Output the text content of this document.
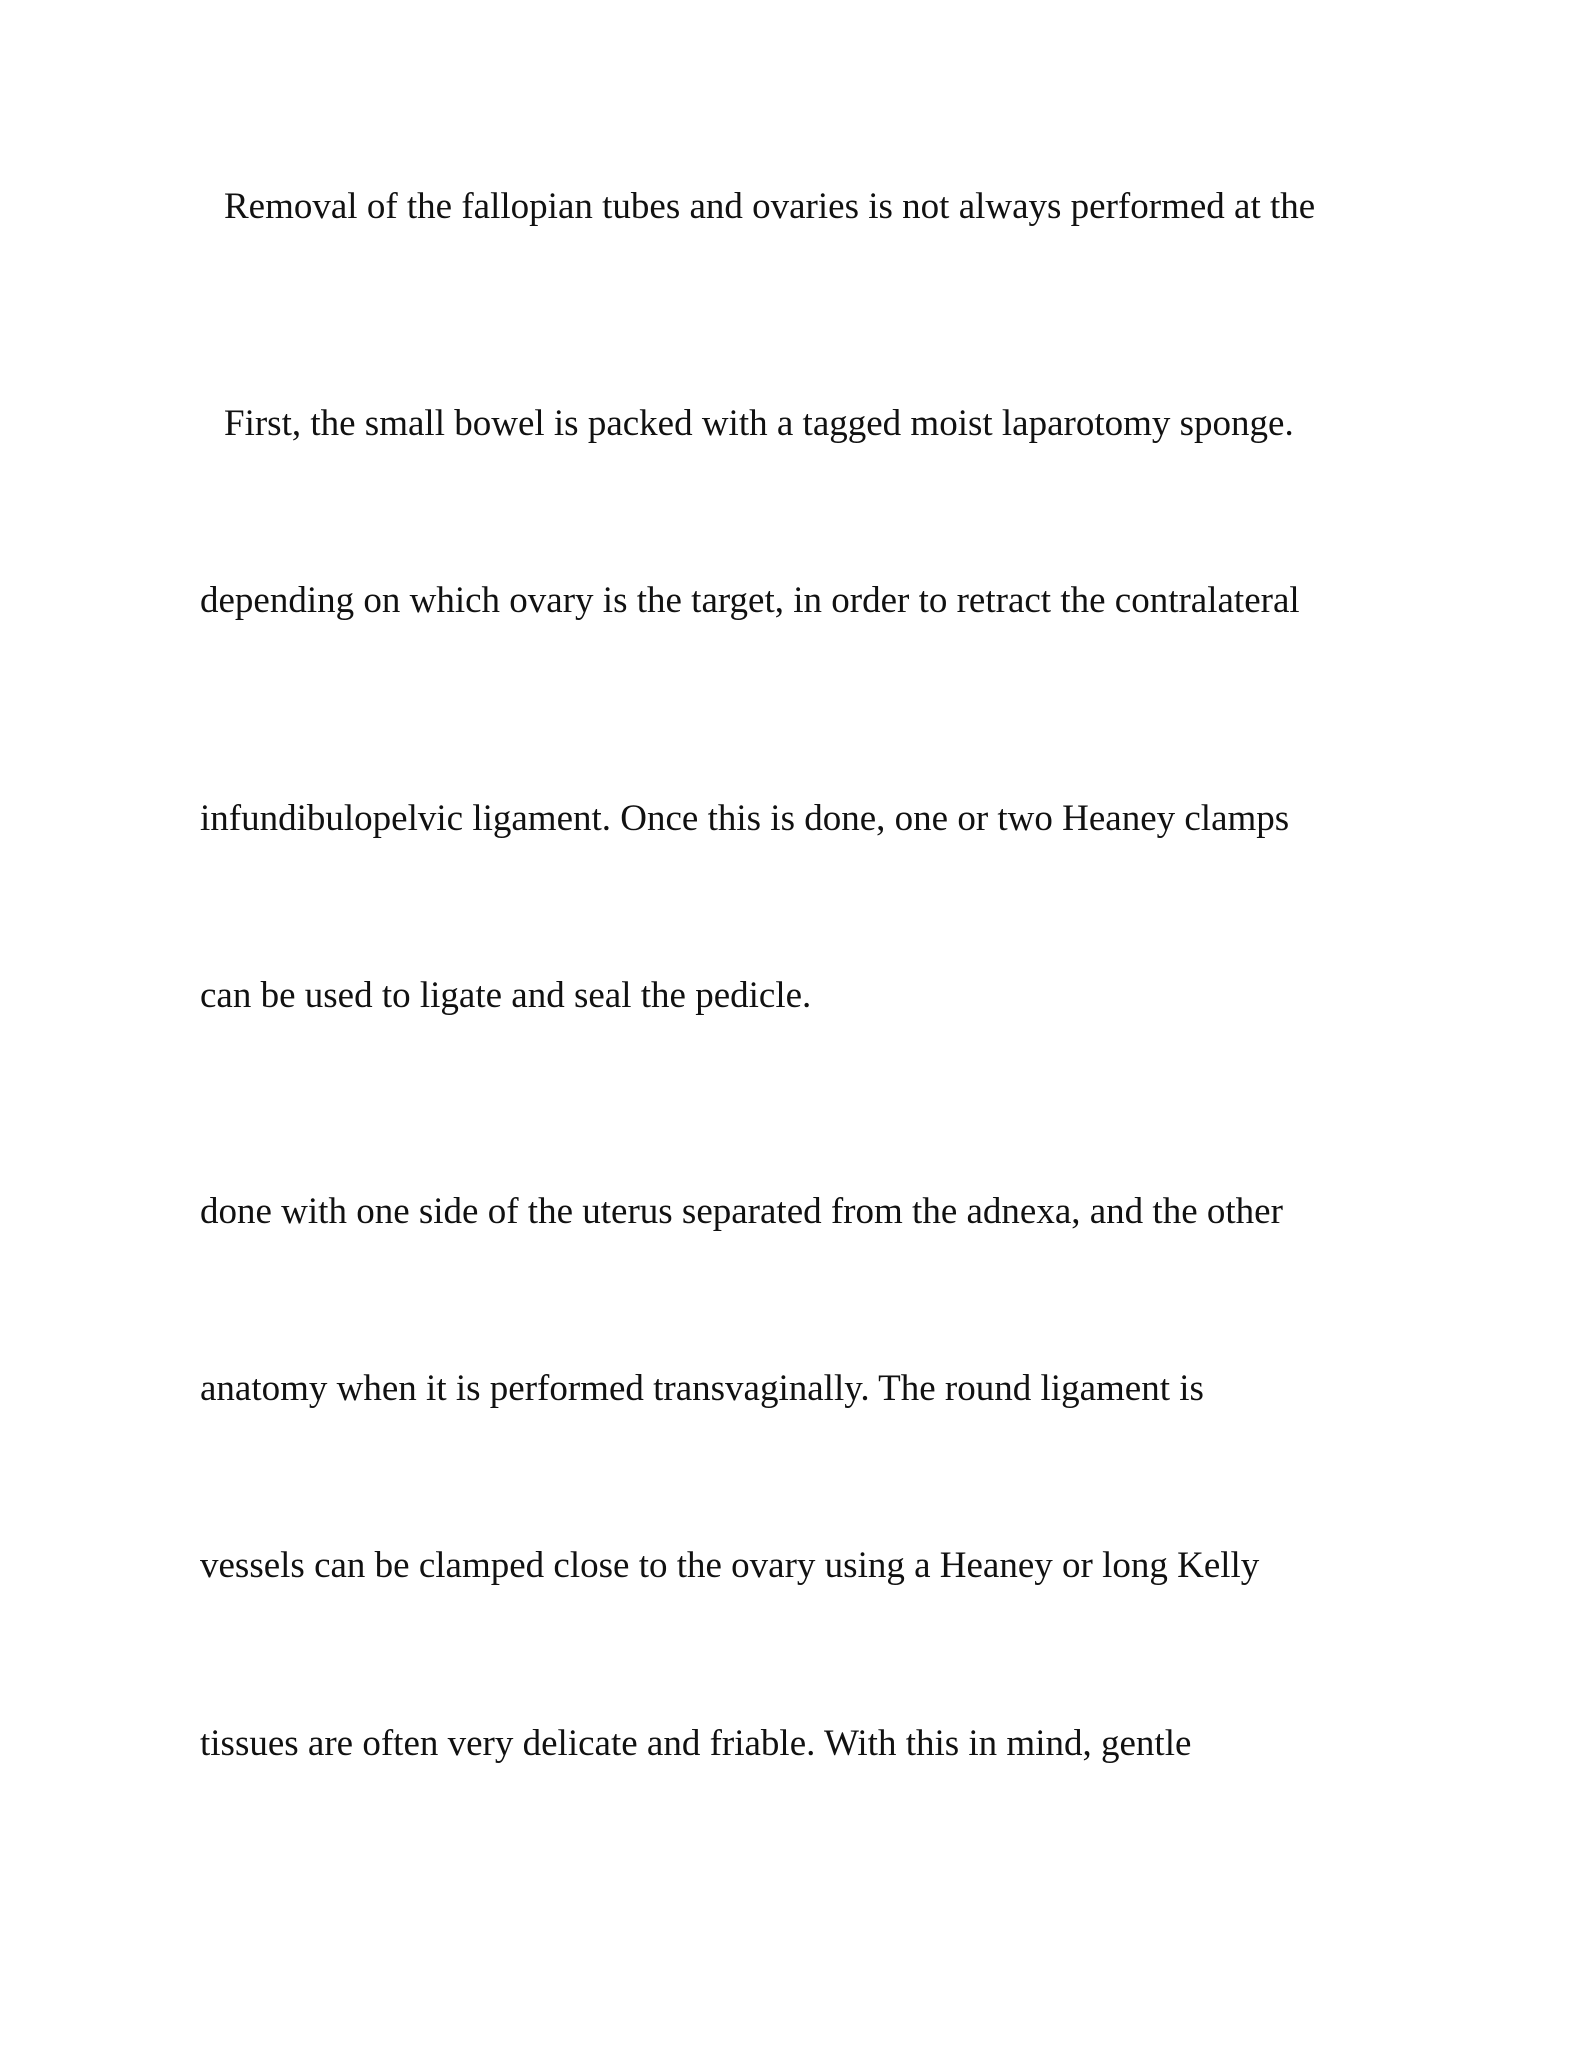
Removal of the fallopian tubes and ovaries is not always performed at the
First, the small bowel is packed with a tagged moist laparotomy sponge.
depending on which ovary is the target, in order to retract the contralateral
infundibulopelvic ligament. Once this is done, one or two Heaney clamps
can be used to ligate and seal the pedicle.
done with one side of the uterus separated from the adnexa, and the other
anatomy when it is performed transvaginally. The round ligament is
vessels can be clamped close to the ovary using a Heaney or long Kelly
tissues are often very delicate and friable. With this in mind, gentle
